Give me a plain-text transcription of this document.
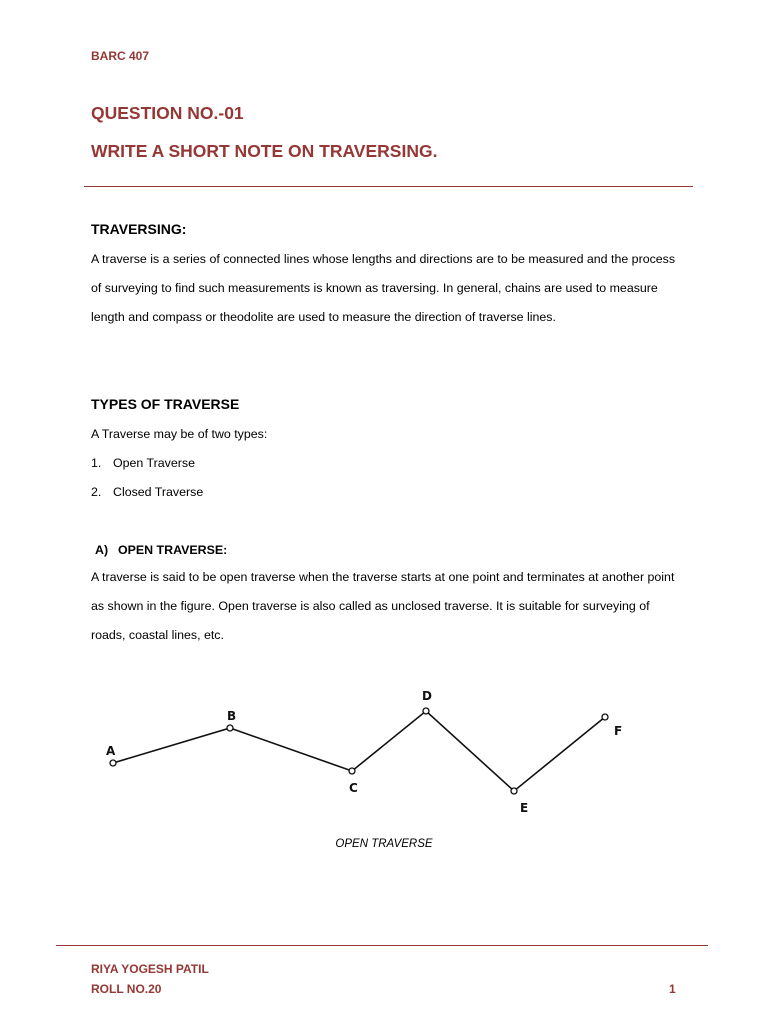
BARC 407
QUESTION NO.-01
WRITE A SHORT NOTE ON TRAVERSING.
TRAVERSING:
A traverse is a series of connected lines whose lengths and directions are to be measured and the process of surveying to find such measurements is known as traversing. In general, chains are used to measure length and compass or theodolite are used to measure the direction of traverse lines.
TYPES OF TRAVERSE
A Traverse may be of two types:
1. Open Traverse
2. Closed Traverse
A) OPEN TRAVERSE:
A traverse is said to be open traverse when the traverse starts at one point and terminates at another point as shown in the figure. Open traverse is also called as unclosed traverse. It is suitable for surveying of roads, coastal lines, etc.
A
B
C
D
E
F
OPEN TRAVERSE
RIYA YOGESH PATIL
ROLL NO.20	1
